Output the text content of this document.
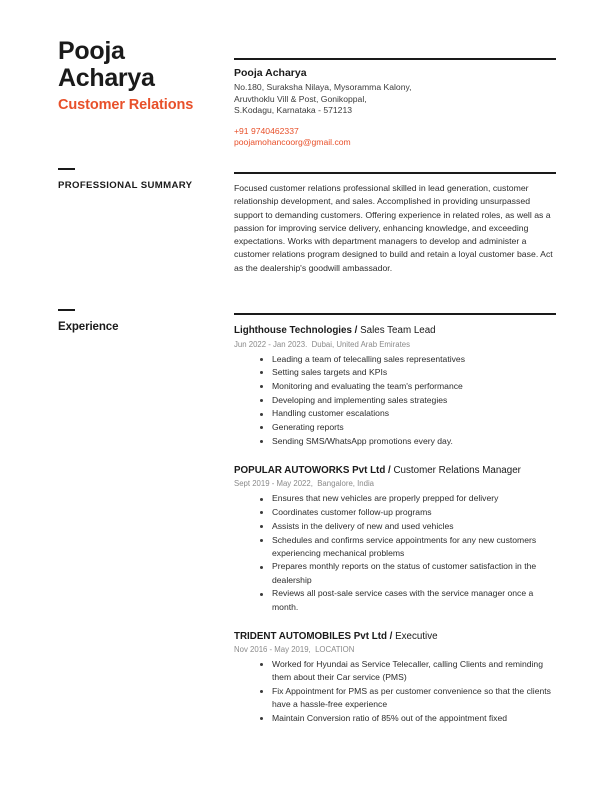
Pooja
Acharya
Customer Relations
Pooja Acharya
No.180, Suraksha Nilaya, Mysoramma Kalony,
Aruvthoklu Vill & Post, Gonikoppal,
S.Kodagu, Karnataka - 571213
+91 9740462337
poojamohancoorg@gmail.com
PROFESSIONAL SUMMARY	Focused customer relations professional skilled in lead generation, customer relationship development, and sales. Accomplished in providing unsurpassed support to demanding customers. Offering experience in related roles, as well as a passion for improving service delivery, enhancing knowledge, and exceeding expectations. Works with department managers to develop and administer a customer relations program designed to build and retain a loyal customer base. Act as the dealership's goodwill ambassador.
Experience	Lighthouse Technologies / Sales Team Lead
Jun 2022 - Jan 2023. Dubai, United Arab Emirates
Leading a team of telecalling sales representatives
Setting sales targets and KPIs
Monitoring and evaluating the team's performance
Developing and implementing sales strategies
Handling customer escalations
Generating reports
Sending SMS/WhatsApp promotions every day.
POPULAR AUTOWORKS Pvt Ltd / Customer Relations Manager
Sept 2019 - May 2022, Bangalore, India
Ensures that new vehicles are properly prepped for delivery
Coordinates customer follow-up programs
Assists in the delivery of new and used vehicles
Schedules and confirms service appointments for any new customers experiencing mechanical problems
Prepares monthly reports on the status of customer satisfaction in the dealership
Reviews all post-sale service cases with the service manager once a month.
TRIDENT AUTOMOBILES Pvt Ltd / Executive
Nov 2016 - May 2019, LOCATION
Worked for Hyundai as Service Telecaller, calling Clients and reminding them about their Car service (PMS)
Fix Appointment for PMS as per customer convenience so that the clients have a hassle-free experience
Maintain Conversion ratio of 85% out of the appointment fixed
